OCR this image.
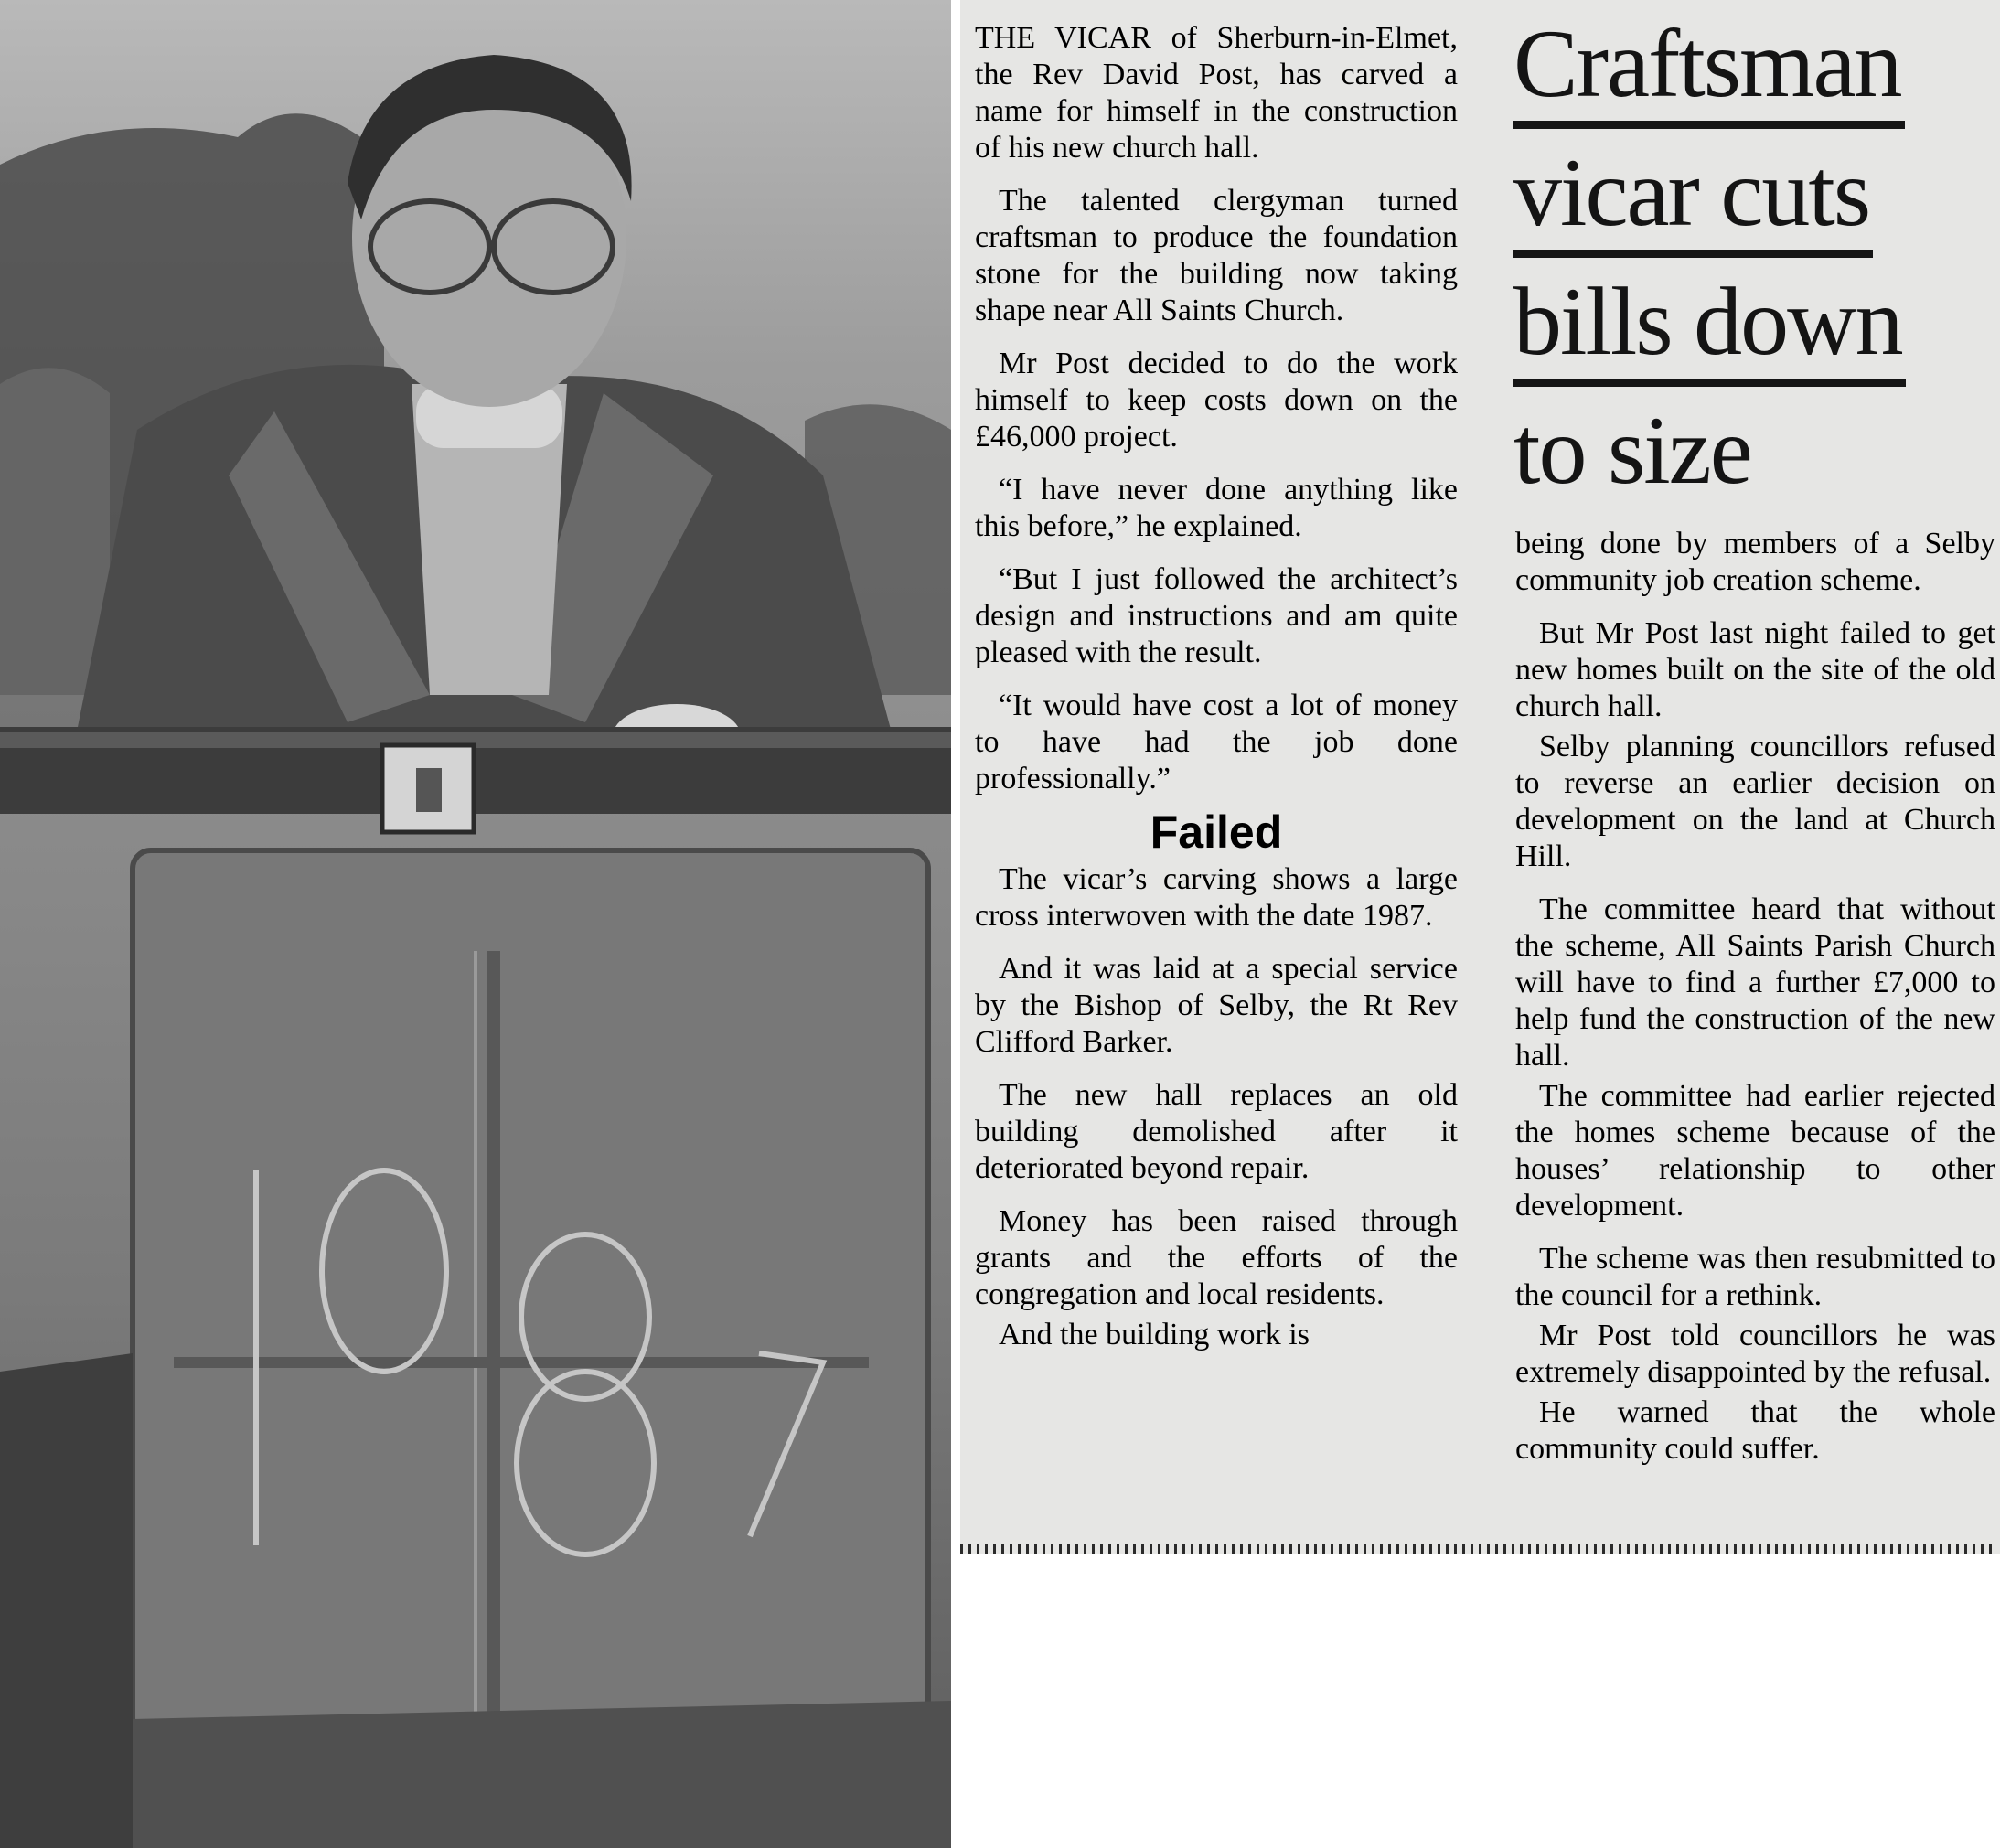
Craftsman
vicar cuts
bills down
to size

THE VICAR of Sherburn-in-Elmet, the Rev David Post, has carved a name for himself in the construction of his new church hall.

The talented clergyman turned craftsman to produce the foundation stone for the building now taking shape near All Saints Church.

Mr Post decided to do the work himself to keep costs down on the £46,000 project.

“I have never done anything like this before,” he explained.

“But I just followed the architect’s design and instructions and am quite pleased with the result.

“It would have cost a lot of money to have had the job done professionally.”

Failed

The vicar’s carving shows a large cross interwoven with the date 1987.

And it was laid at a special service by the Bishop of Selby, the Rt Rev Clifford Barker.

The new hall replaces an old building demolished after it deteriorated beyond repair.

Money has been raised through grants and the efforts of the congregation and local residents.

And the building work is

being done by members of a Selby community job creation scheme.

But Mr Post last night failed to get new homes built on the site of the old church hall.

Selby planning councillors refused to reverse an earlier decision on development on the land at Church Hill.

The committee heard that without the scheme, All Saints Parish Church will have to find a further £7,000 to help fund the construction of the new hall.

The committee had earlier rejected the homes scheme because of the houses’ relationship to other development.

The scheme was then resubmitted to the council for a rethink.

Mr Post told councillors he was extremely disappointed by the refusal.

He warned that the whole community could suffer.
